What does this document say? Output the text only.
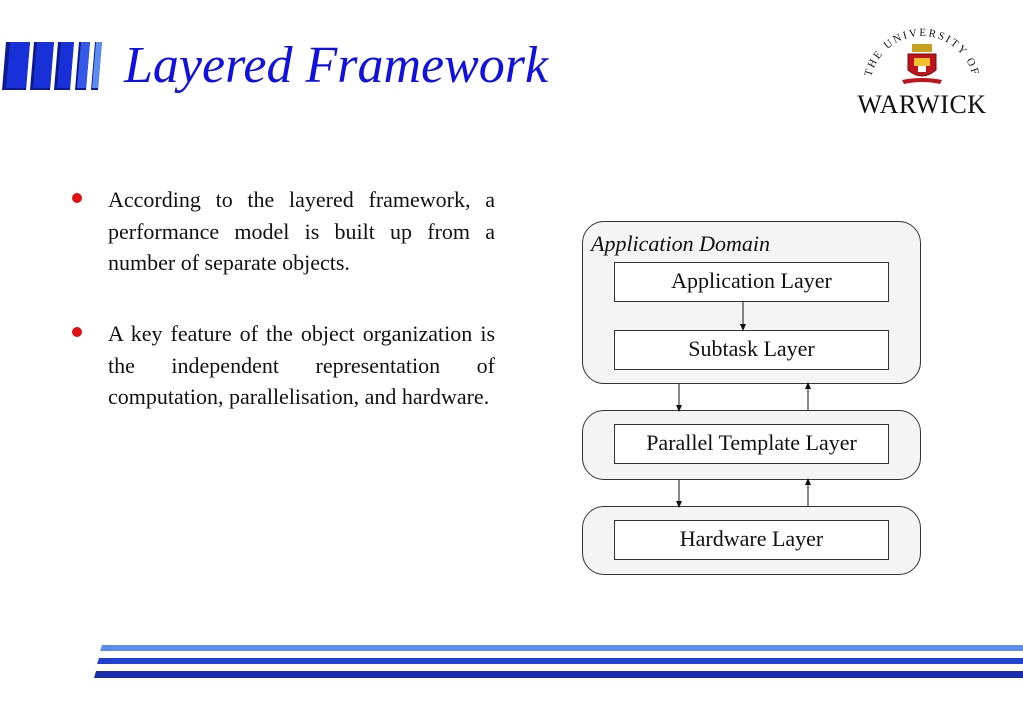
Layered Framework	THE UNIVERSITY OF
WARWICK
According to the layered framework, a performance model is built up from a number of separate objects.
A key feature of the object organization is the independent representation of computation, parallelisation, and hardware.
Application Domain
Application Layer
Subtask Layer
Parallel Template Layer
Hardware Layer
